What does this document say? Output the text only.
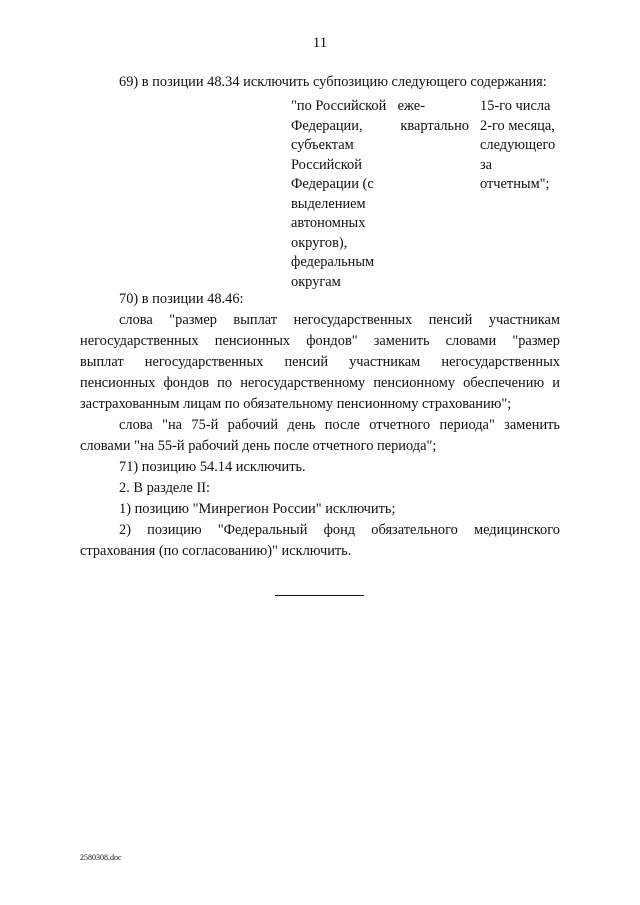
11
69) в позиции 48.34 исключить субпозицию следующего содержания:
"по Российской
Федерации,
субъектам
Российской
Федерации (с
выделением
автономных
округов),
федеральным
округам
еже-
квартально
15-го числа
2-го месяца,
следующего
за
отчетным";
70) в позиции 48.46:
слова "размер выплат негосударственных пенсий участникам
негосударственных пенсионных фондов" заменить словами "размер
выплат негосударственных пенсий участникам негосударственных
пенсионных фондов по негосударственному пенсионному обеспечению и
застрахованным лицам по обязательному пенсионному страхованию";
слова "на 75-й рабочий день после отчетного периода" заменить
словами "на 55-й рабочий день после отчетного периода";
71) позицию 54.14 исключить.
2. В разделе II:
1) позицию "Минрегион России" исключить;
2) позицию "Федеральный фонд обязательного медицинского
страхования (по согласованию)" исключить.
2580308.doc
